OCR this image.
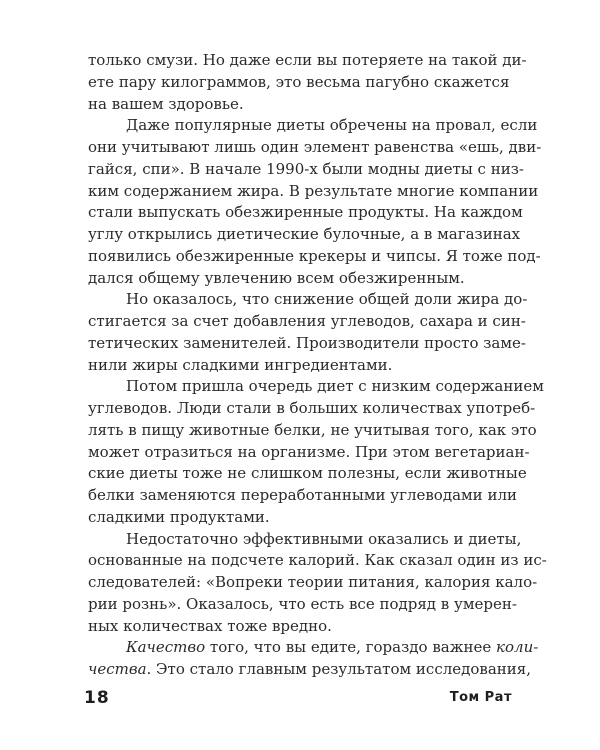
только смузи. Но даже если вы потеряете на такой ди-
ете пару килограммов, это весьма пагубно скажется
на вашем здоровье.
Даже популярные диеты обречены на провал, если
они учитывают лишь один элемент равенства «ешь, дви-
гайся, спи». В начале 1990-х были модны диеты с низ-
ким содержанием жира. В результате многие компании
стали выпускать обезжиренные продукты. На каждом
углу открылись диетические булочные, а в магазинах
появились обезжиренные крекеры и чипсы. Я тоже под-
дался общему увлечению всем обезжиренным.
Но оказалось, что снижение общей доли жира до-
стигается за счет добавления углеводов, сахара и син-
тетических заменителей. Производители просто заме-
нили жиры сладкими ингредиентами.
Потом пришла очередь диет с низким содержанием
углеводов. Люди стали в больших количествах употреб-
лять в пищу животные белки, не учитывая того, как это
может отразиться на организме. При этом вегетариан-
ские диеты тоже не слишком полезны, если животные
белки заменяются переработанными углеводами или
сладкими продуктами.
Недостаточно эффективными оказались и диеты,
основанные на подсчете калорий. Как сказал один из ис-
следователей: «Вопреки теории питания, калория кало-
рии рознь». Оказалось, что есть все подряд в умерен-
ных количествах тоже вредно.
Качество того, что вы едите, гораздо важнее коли-
чества. Это стало главным результатом исследования,
18	Том Рат
